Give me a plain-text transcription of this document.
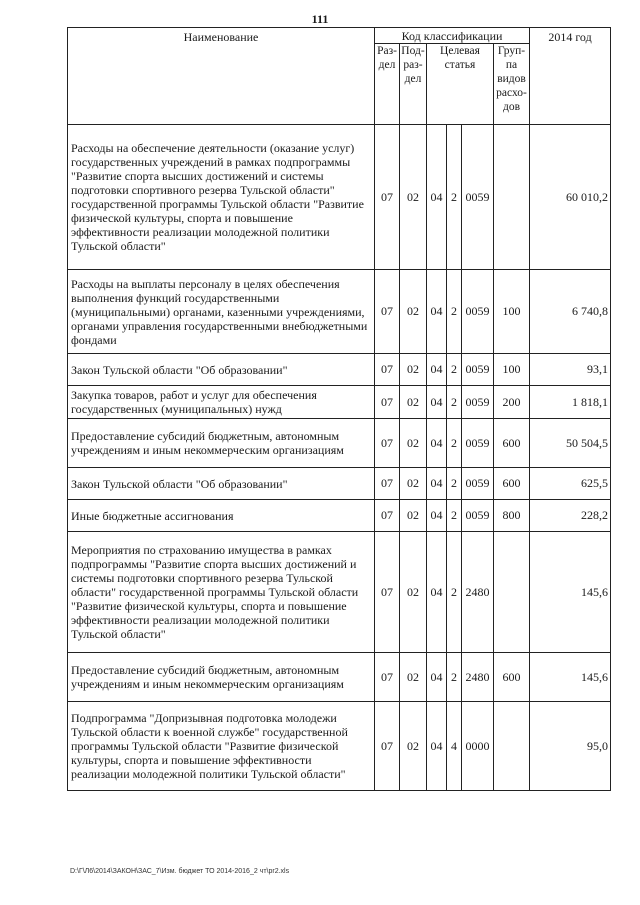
111
Наименование	Код классификации						2014 год
	Раз-дел	Под-раз-дел	Целевая статья			Груп-па видов расхо-дов	
Расходы на обеспечение деятельности (оказание услуг) государственных учреждений в рамках подпрограммы "Развитие спорта высших достижений и системы подготовки спортивного резерва Тульской области" государственной программы Тульской области "Развитие физической культуры, спорта и повышение эффективности реализации молодежной политики Тульской области"	07	02	04	2	0059		60 010,2
Расходы на выплаты персоналу в целях обеспечения выполнения функций государственными (муниципальными) органами, казенными учреждениями, органами управления государственными внебюджетными фондами	07	02	04	2	0059	100	6 740,8
Закон Тульской области "Об образовании"	07	02	04	2	0059	100	93,1
Закупка товаров, работ и услуг для обеспечения государственных (муниципальных) нужд	07	02	04	2	0059	200	1 818,1
Предоставление субсидий бюджетным, автономным учреждениям и иным некоммерческим организациям	07	02	04	2	0059	600	50 504,5
Закон Тульской области "Об образовании"	07	02	04	2	0059	600	625,5
Иные бюджетные ассигнования	07	02	04	2	0059	800	228,2
Мероприятия по страхованию имущества в рамках подпрограммы "Развитие спорта высших достижений и системы подготовки спортивного резерва Тульской области" государственной программы Тульской области "Развитие физической культуры, спорта и повышение эффективности реализации молодежной политики Тульской области"	07	02	04	2	2480		145,6
Предоставление субсидий бюджетным, автономным учреждениям и иным некоммерческим организациям	07	02	04	2	2480	600	145,6
Подпрограмма "Допризывная подготовка молодежи Тульской области к военной службе" государственной программы Тульской области "Развитие физической культуры, спорта и повышение эффективности реализации молодежной политики Тульской области"	07	02	04	4	0000		95,0
D:\Г\Л6\2014\ЗАКОН\ЗАС_7\Изм. бюджет ТО 2014-2016_2 чт\pr2.xls
